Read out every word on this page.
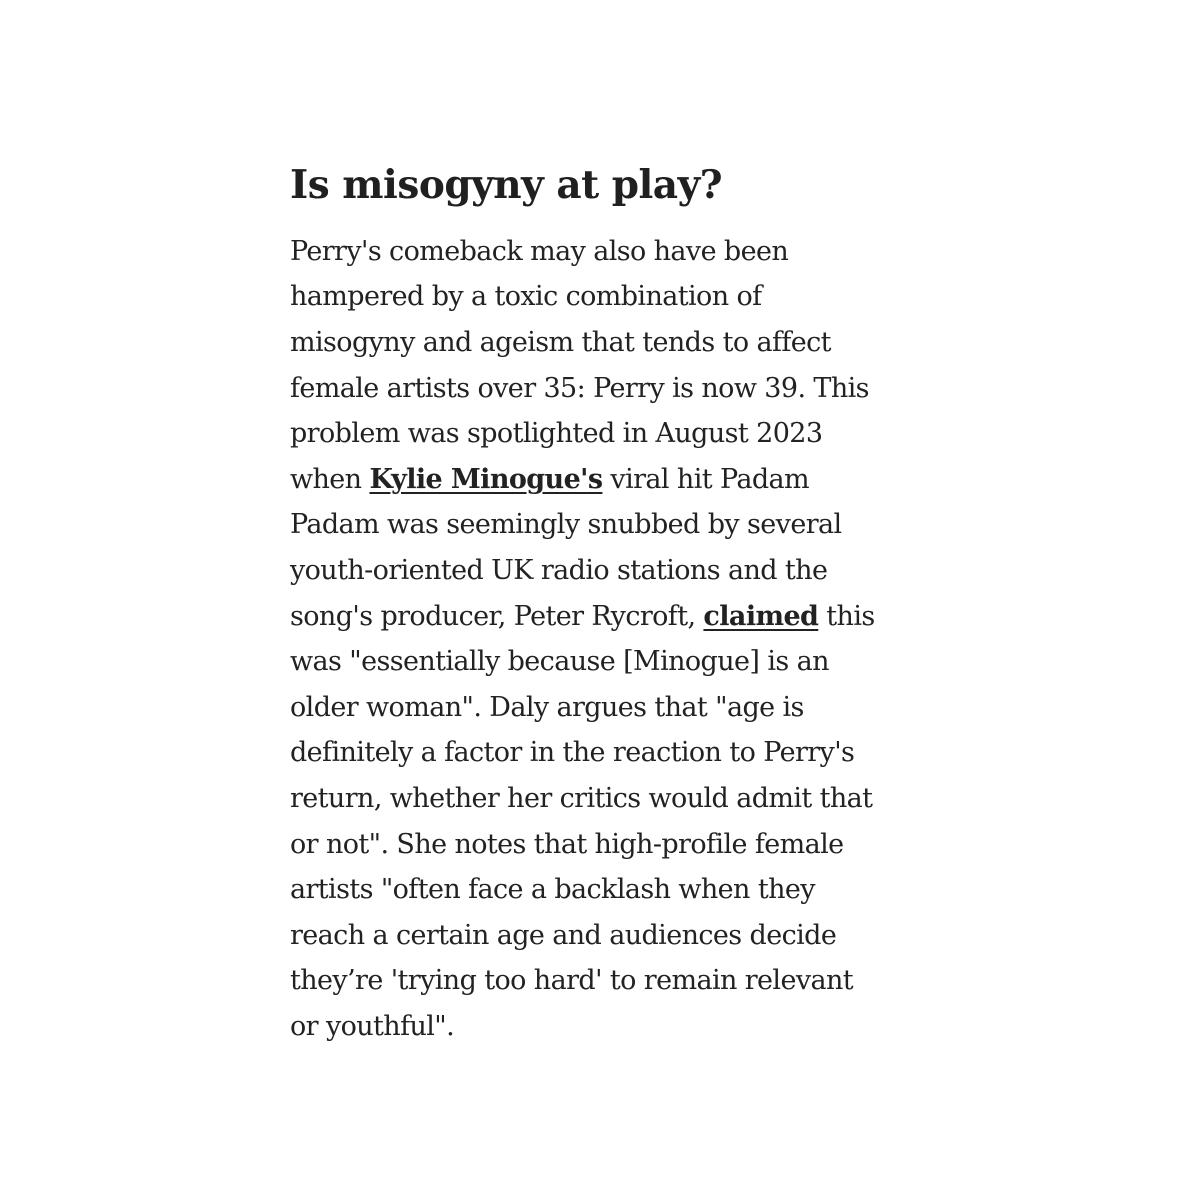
Is misogyny at play?

Perry's comeback may also have been
hampered by a toxic combination of
misogyny and ageism that tends to affect
female artists over 35: Perry is now 39. This
problem was spotlighted in August 2023
when Kylie Minogue's viral hit Padam
Padam was seemingly snubbed by several
youth-oriented UK radio stations and the
song's producer, Peter Rycroft, claimed this
was "essentially because [Minogue] is an
older woman". Daly argues that "age is
definitely a factor in the reaction to Perry's
return, whether her critics would admit that
or not". She notes that high-profile female
artists "often face a backlash when they
reach a certain age and audiences decide
they’re 'trying too hard' to remain relevant
or youthful".
